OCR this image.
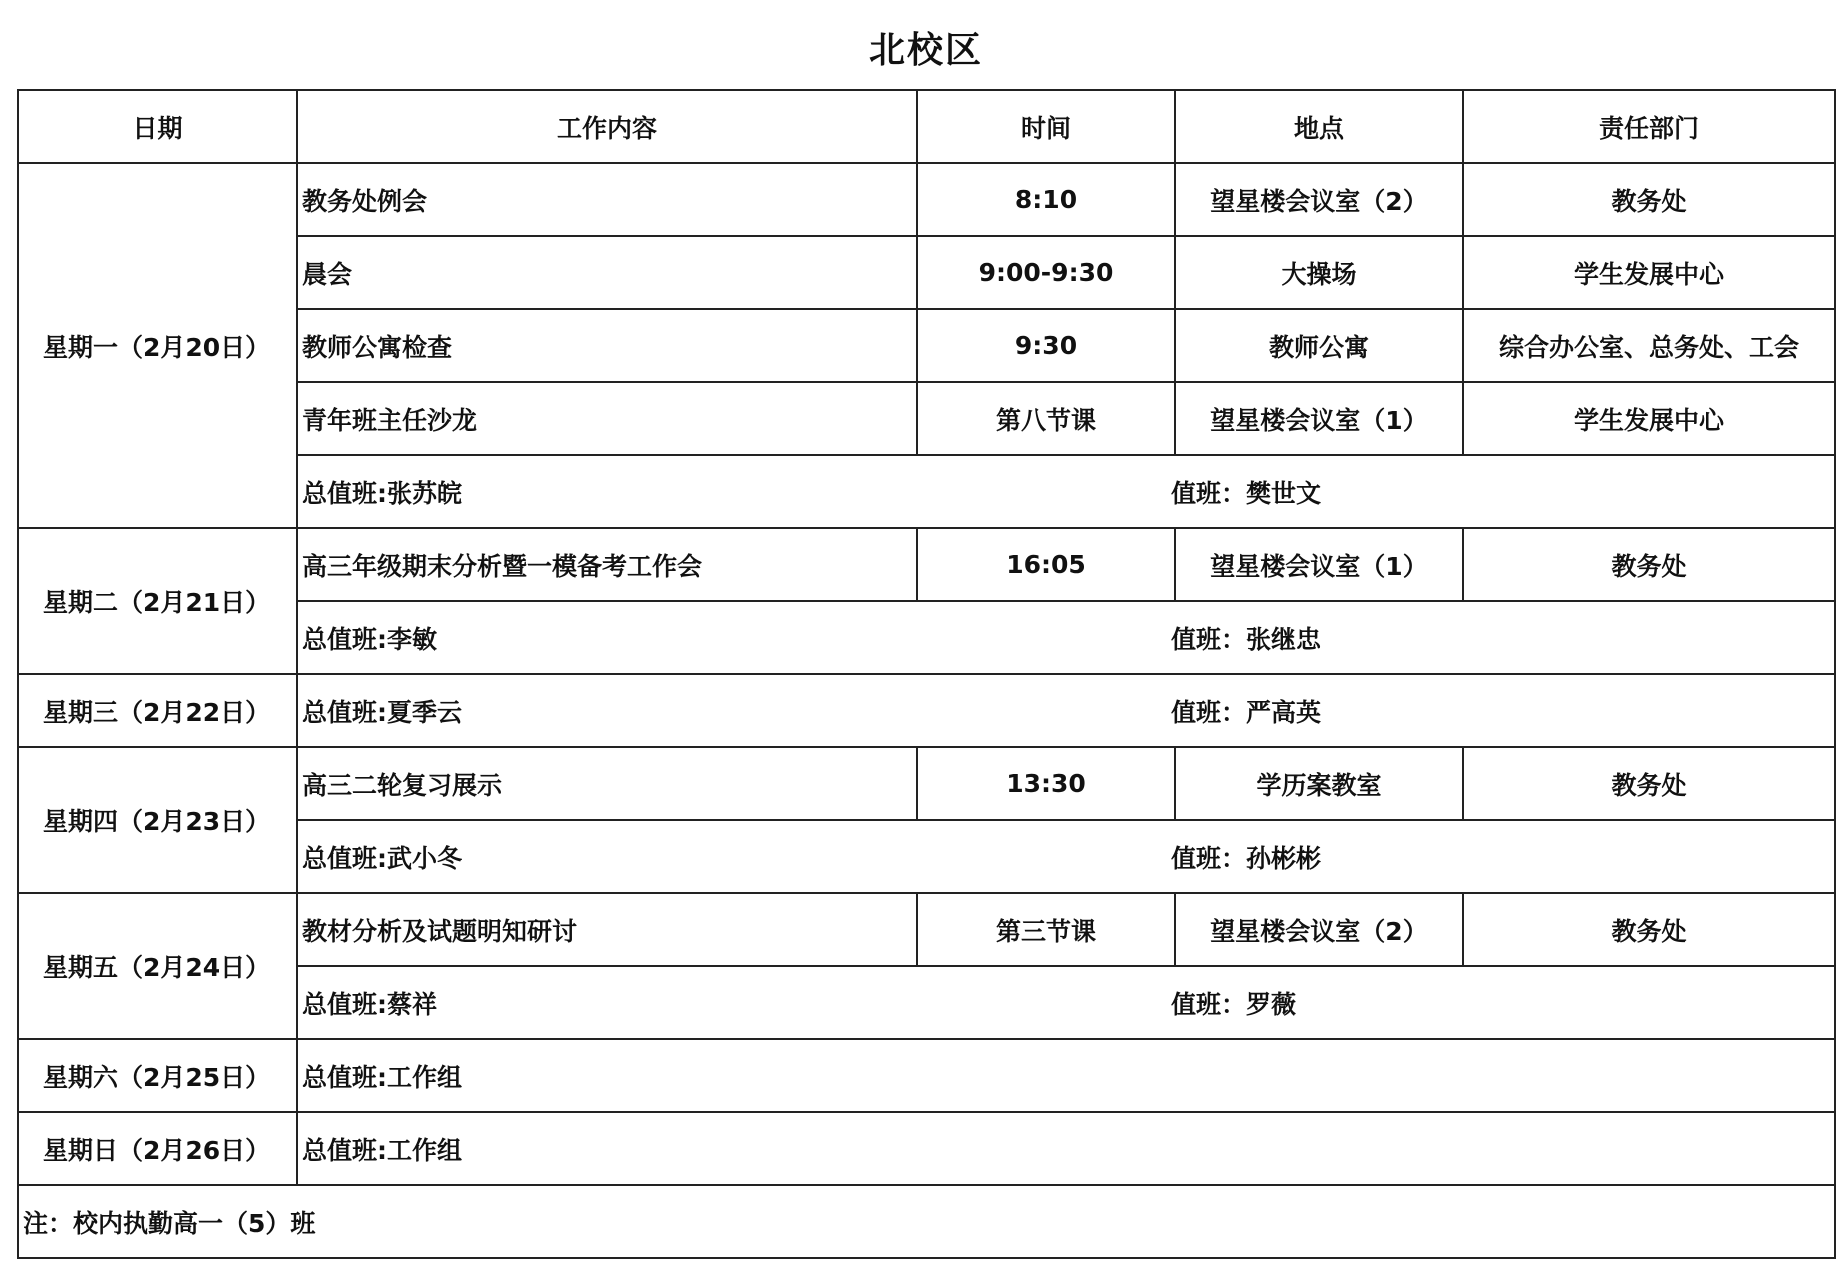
北校区
日期	工作内容	时间	地点	责任部门
星期一（2月20日）	教务处例会	8:10	望星楼会议室（2）	教务处
	晨会	9:00-9:30	大操场	学生发展中心
	教师公寓检查	9:30	教师公寓	综合办公室、总务处、工会
	青年班主任沙龙	第八节课	望星楼会议室（1）	学生发展中心

	总值班:张苏皖 值班：樊世文			

星期二（2月21日）	高三年级期末分析暨一模备考工作会	16:05	望星楼会议室（1）	教务处

	总值班:李敏 值班：张继忠			

星期三（2月22日）	总值班:夏季云 值班：严高英			

星期四（2月23日）	高三二轮复习展示	13:30	学历案教室	教务处

	总值班:武小冬 值班：孙彬彬			

星期五（2月24日）	教材分析及试题明知研讨	第三节课	望星楼会议室（2）	教务处

	总值班:蔡祥 值班：罗薇			

星期六（2月25日）	总值班:工作组			
星期日（2月26日）	总值班:工作组			
注：校内执勤高一（5）班				
